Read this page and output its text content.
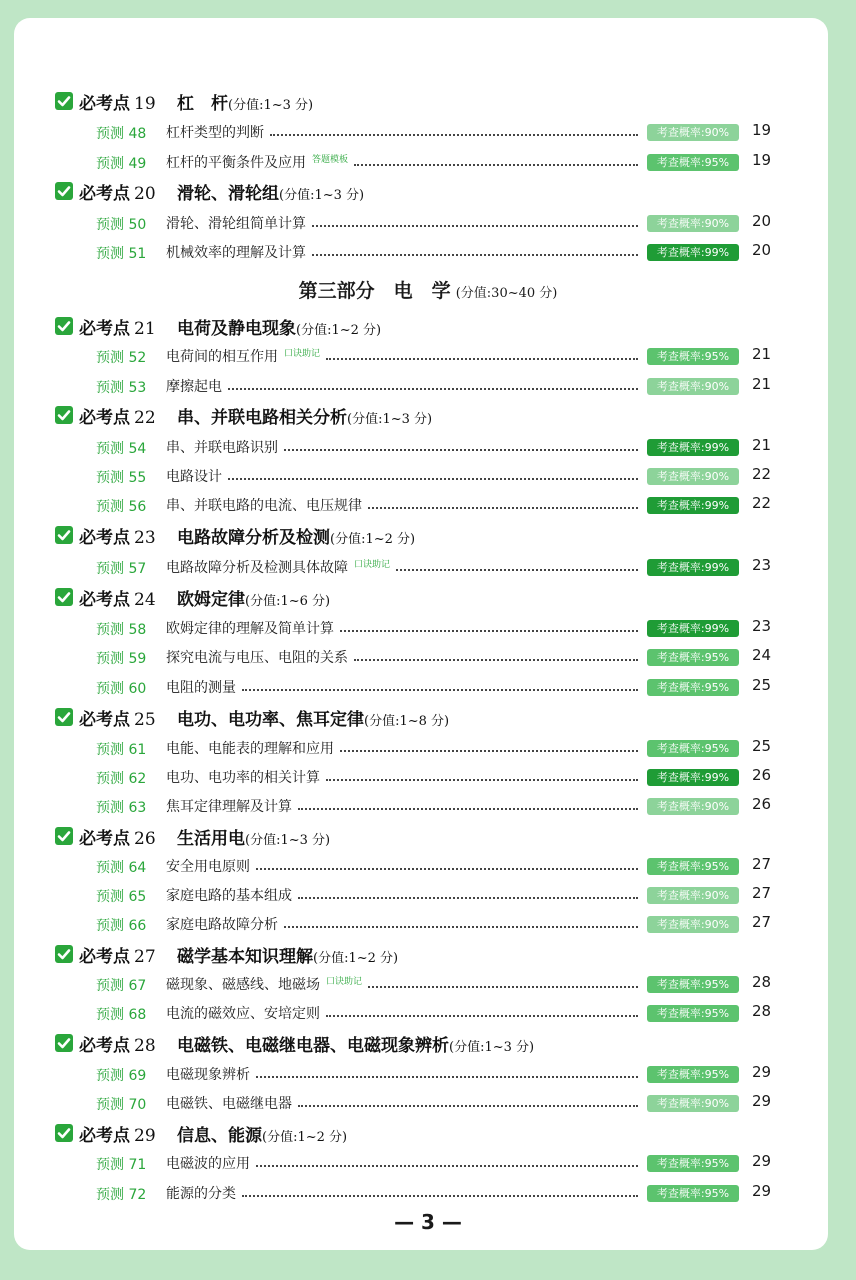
必考点 19 杠　杆(分值:1~3 分)
预测 48 杠杆类型的判断	考查概率:90%	19
预测 49 杠杆的平衡条件及应用 $^{答题模板}$	考查概率:95%	19
必考点 20 滑轮、滑轮组(分值:1~3 分)
预测 50 滑轮、滑轮组简单计算	考查概率:90%	20
预测 51 机械效率的理解及计算	考查概率:99%	20
必考点 21 电荷及静电现象(分值:1~2 分)
预测 52 电荷间的相互作用 $^{口诀助记}$	考查概率:95%	21
预测 53 摩擦起电	考查概率:90%	21
必考点 22 串、并联电路相关分析(分值:1~3 分)
预测 54 串、并联电路识别	考查概率:99%	21
预测 55 电路设计	考查概率:90%	22
预测 56 串、并联电路的电流、电压规律	考查概率:99%	22
必考点 23 电路故障分析及检测(分值:1~2 分)
预测 57 电路故障分析及检测具体故障 $^{口诀助记}$	考查概率:99%	23
必考点 24 欧姆定律(分值:1~6 分)
预测 58 欧姆定律的理解及简单计算	考查概率:99%	23
预测 59 探究电流与电压、电阻的关系	考查概率:95%	24
预测 60 电阻的测量	考查概率:95%	25
必考点 25 电功、电功率、焦耳定律(分值:1~8 分)
预测 61 电能、电能表的理解和应用	考查概率:95%	25
预测 62 电功、电功率的相关计算	考查概率:99%	26
预测 63 焦耳定律理解及计算	考查概率:90%	26
必考点 26 生活用电(分值:1~3 分)
预测 64 安全用电原则	考查概率:95%	27
预测 65 家庭电路的基本组成	考查概率:90%	27
预测 66 家庭电路故障分析	考查概率:90%	27
必考点 27 磁学基本知识理解(分值:1~2 分)
预测 67 磁现象、磁感线、地磁场 $^{口诀助记}$	考查概率:95%	28
预测 68 电流的磁效应、安培定则	考查概率:95%	28
必考点 28 电磁铁、电磁继电器、电磁现象辨析(分值:1~3 分)
预测 69 电磁现象辨析	考查概率:95%	29
预测 70 电磁铁、电磁继电器	考查概率:90%	29
必考点 29 信息、能源(分值:1~2 分)
预测 71 电磁波的应用	考查概率:95%	29
预测 72 能源的分类	考查概率:95%	29
第三部分　电　学 (分值:30~40 分)
— 3 —
